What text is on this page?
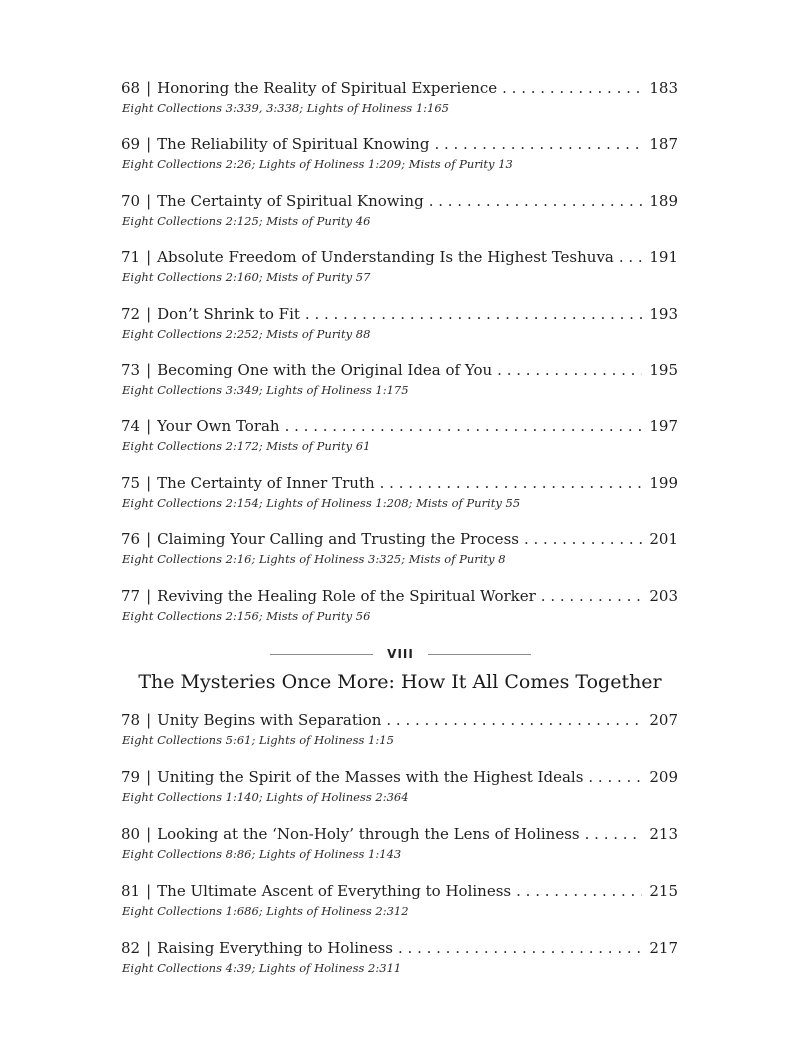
68 | Honoring the Reality of Spiritual Experience . . .	183
Eight Collections 3:339, 3:338; Lights of Holiness 1:165
69 | The Reliability of Spiritual Knowing . . .	187
Eight Collections 2:26; Lights of Holiness 1:209; Mists of Purity 13
70 | The Certainty of Spiritual Knowing . . .	189
Eight Collections 2:125; Mists of Purity 46
71 | Absolute Freedom of Understanding Is the Highest Teshuva . . . 191
Eight Collections 2:160; Mists of Purity 57
72 | Don’t Shrink to Fit . . .	193
Eight Collections 2:252; Mists of Purity 88
73 | Becoming One with the Original Idea of You . . .	195
Eight Collections 3:349; Lights of Holiness 1:175
74 | Your Own Torah . . .	197
Eight Collections 2:172; Mists of Purity 61
75 | The Certainty of Inner Truth . . .	199
Eight Collections 2:154; Lights of Holiness 1:208; Mists of Purity 55
76 | Claiming Your Calling and Trusting the Process . . .	201
Eight Collections 2:16; Lights of Holiness 3:325; Mists of Purity 8
77 | Reviving the Healing Role of the Spiritual Worker . . .	203
Eight Collections 2:156; Mists of Purity 56
VIII
The Mysteries Once More: How It All Comes Together
78 | Unity Begins with Separation . . .	207
Eight Collections 5:61; Lights of Holiness 1:15
79 | Uniting the Spirit of the Masses with the Highest Ideals . . .	209
Eight Collections 1:140; Lights of Holiness 2:364
80 | Looking at the ‘Non-Holy’ through the Lens of Holiness . . .	213
Eight Collections 8:86; Lights of Holiness 1:143
81 | The Ultimate Ascent of Everything to Holiness . . .	215
Eight Collections 1:686; Lights of Holiness 2:312
82 | Raising Everything to Holiness . . .	217
Eight Collections 4:39; Lights of Holiness 2:311
